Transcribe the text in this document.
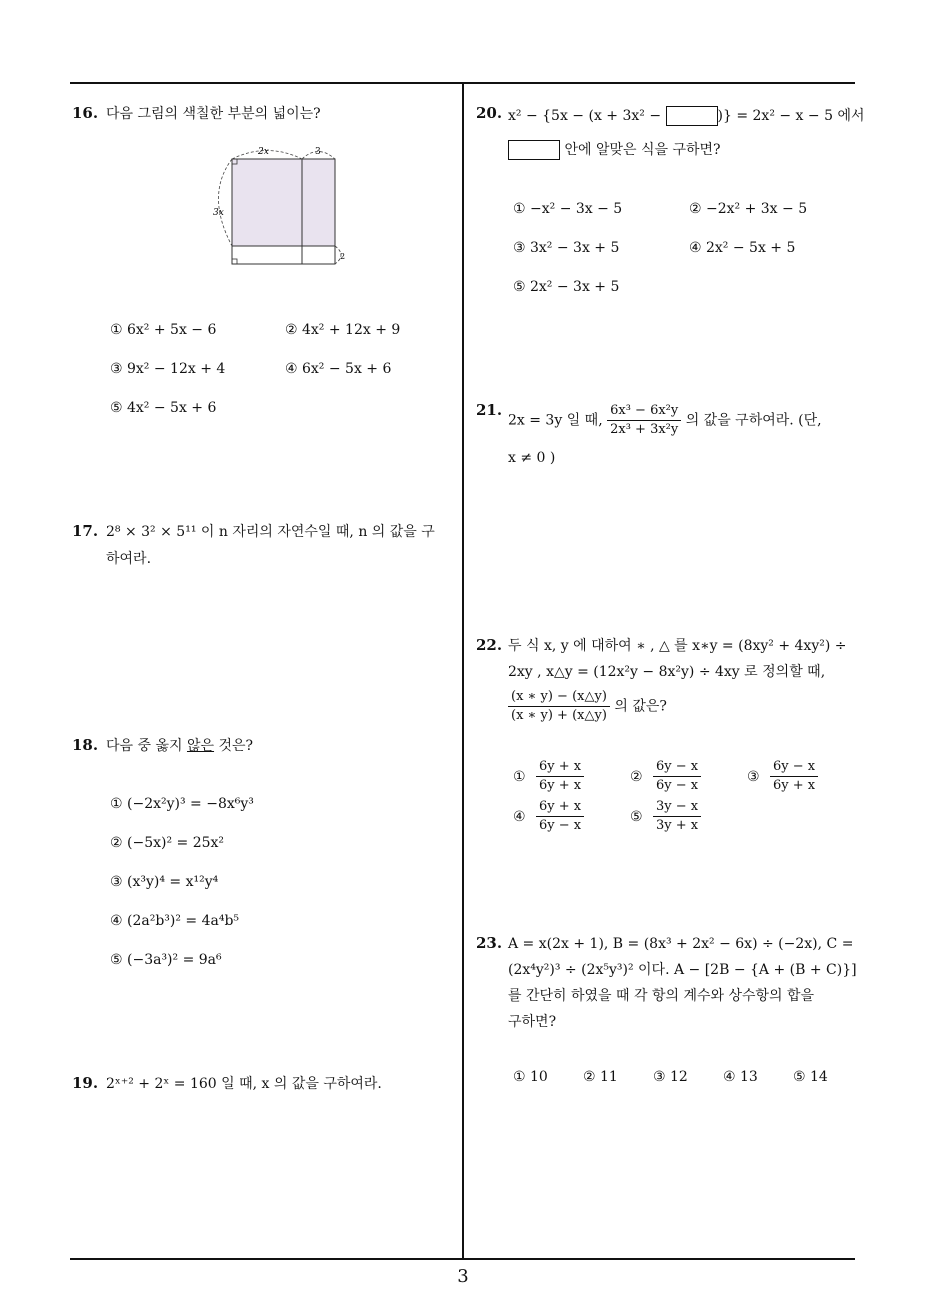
16. 다음 그림의 색칠한 부분의 넓이는?
2x	3
3x
2
① 6x² + 5x − 6	② 4x² + 12x + 9
③ 9x² − 12x + 4	④ 6x² − 5x + 6
⑤ 4x² − 5x + 6
17. 2⁸ × 3² × 5¹¹ 이 n 자리의 자연수일 때, n 의 값을 구
하여라.
18. 다음 중 옳지 않은 것은?
① (−2x²y)³ = −8x⁶y³
② (−5x)² = 25x²
③ (x³y)⁴ = x¹²y⁴
④ (2a²b³)² = 4a⁴b⁵
⑤ (−3a³)² = 9a⁶
19. 2ˣ⁺² + 2ˣ = 160 일 때, x 의 값을 구하여라.
20. x² − {5x − (x + 3x² −	)} = 2x² − x − 5 에서
안에 알맞은 식을 구하면?
① −x² − 3x − 5	② −2x² + 3x − 5
③ 3x² − 3x + 5	④ 2x² − 5x + 5
⑤ 2x² − 3x + 5
21.
2x = 3y 일 때, $\frac{\text{6x³ − 6x²y}}{\text{2x³ + 3x²y}}$ 의 값을 구하여라. (단,
x ≠ 0 )
22. 두 식 x, y 에 대하여 ∗ , △ 를 x∗y = (8xy² + 4xy²) ÷
2xy , x△y = (12x²y − 8x²y) ÷ 4xy 로 정의할 때,
$\frac{(x ∗ y) - (x\triangle y)}{(x ∗ y) + (x\triangle y)}$ 의 값은?
① $\frac{6y + x}{6y + x}$	② $\frac{6y - x}{6y - x}$	③ $\frac{6y - x}{6y + x}$
④ $\frac{6y + x}{6y - x}$	⑤ $\frac{3y - x}{3y + x}$
23. A = x(2x + 1), B = (8x³ + 2x² − 6x) ÷ (−2x), C =
(2x⁴y²)³ ÷ (2x⁵y³)² 이다. A − [2B − {A + (B + C)}]
를 간단히 하였을 때 각 항의 계수와 상수항의 합을
구하면?
① 10	② 11	③ 12	④ 13	⑤ 14
3
